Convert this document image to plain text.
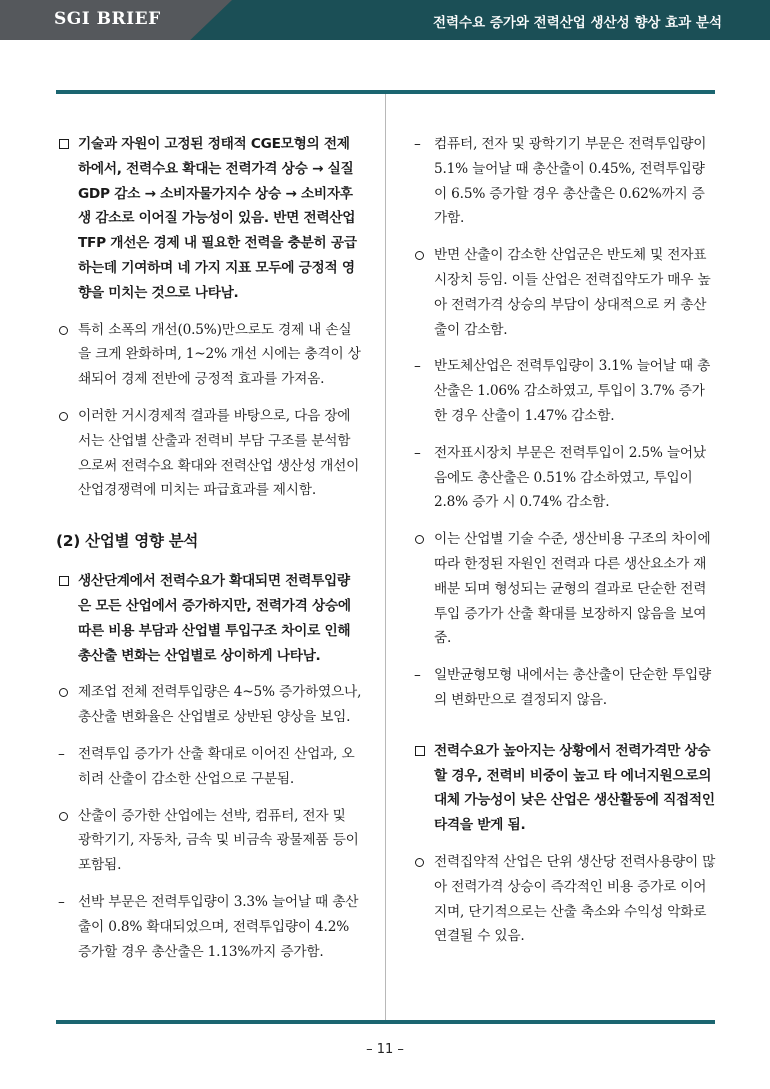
SGI BRIEF	전력수요 증가와 전력산업 생산성 향상 효과 분석
기술과 자원이 고정된 정태적 CGE모형의 전제 하에서, 전력수요 확대는 전력가격 상승 → 실질 GDP 감소 → 소비자물가지수 상승 → 소비자후생 감소로 이어질 가능성이 있음. 반면 전력산업 TFP 개선은 경제 내 필요한 전력을 충분히 공급하는데 기여하며 네 가지 지표 모두에 긍정적 영향을 미치는 것으로 나타남.
특히 소폭의 개선(0.5%)만으로도 경제 내 손실을 크게 완화하며, 1~2% 개선 시에는 충격이 상쇄되어 경제 전반에 긍정적 효과를 가져옴.
이러한 거시경제적 결과를 바탕으로, 다음 장에서는 산업별 산출과 전력비 부담 구조를 분석함으로써 전력수요 확대와 전력산업 생산성 개선이 산업경쟁력에 미치는 파급효과를 제시함.
(2) 산업별 영향 분석
생산단계에서 전력수요가 확대되면 전력투입량은 모든 산업에서 증가하지만, 전력가격 상승에 따른 비용 부담과 산업별 투입구조 차이로 인해 총산출 변화는 산업별로 상이하게 나타남.
제조업 전체 전력투입량은 4~5% 증가하였으나, 총산출 변화율은 산업별로 상반된 양상을 보임.
– 전력투입 증가가 산출 확대로 이어진 산업과, 오히려 산출이 감소한 산업으로 구분됨.
산출이 증가한 산업에는 선박, 컴퓨터, 전자 및 광학기기, 자동차, 금속 및 비금속 광물제품 등이 포함됨.
– 선박 부문은 전력투입량이 3.3% 늘어날 때 총산출이 0.8% 확대되었으며, 전력투입량이 4.2% 증가할 경우 총산출은 1.13%까지 증가함.
– 컴퓨터, 전자 및 광학기기 부문은 전력투입량이 5.1% 늘어날 때 총산출이 0.45%, 전력투입량이 6.5% 증가할 경우 총산출은 0.62%까지 증가함.
반면 산출이 감소한 산업군은 반도체 및 전자표시장치 등임. 이들 산업은 전력집약도가 매우 높아 전력가격 상승의 부담이 상대적으로 커 총산출이 감소함.
– 반도체산업은 전력투입량이 3.1% 늘어날 때 총산출은 1.06% 감소하였고, 투입이 3.7% 증가한 경우 산출이 1.47% 감소함.
– 전자표시장치 부문은 전력투입이 2.5% 늘어났음에도 총산출은 0.51% 감소하였고, 투입이 2.8% 증가 시 0.74% 감소함.
이는 산업별 기술 수준, 생산비용 구조의 차이에 따라 한정된 자원인 전력과 다른 생산요소가 재배분 되며 형성되는 균형의 결과로 단순한 전력투입 증가가 산출 확대를 보장하지 않음을 보여줌.
– 일반균형모형 내에서는 총산출이 단순한 투입량의 변화만으로 결정되지 않음.
전력수요가 높아지는 상황에서 전력가격만 상승할 경우, 전력비 비중이 높고 타 에너지원으로의 대체 가능성이 낮은 산업은 생산활동에 직접적인 타격을 받게 됨.
전력집약적 산업은 단위 생산당 전력사용량이 많아 전력가격 상승이 즉각적인 비용 증가로 이어지며, 단기적으로는 산출 축소와 수익성 악화로 연결될 수 있음.
– 11 –
